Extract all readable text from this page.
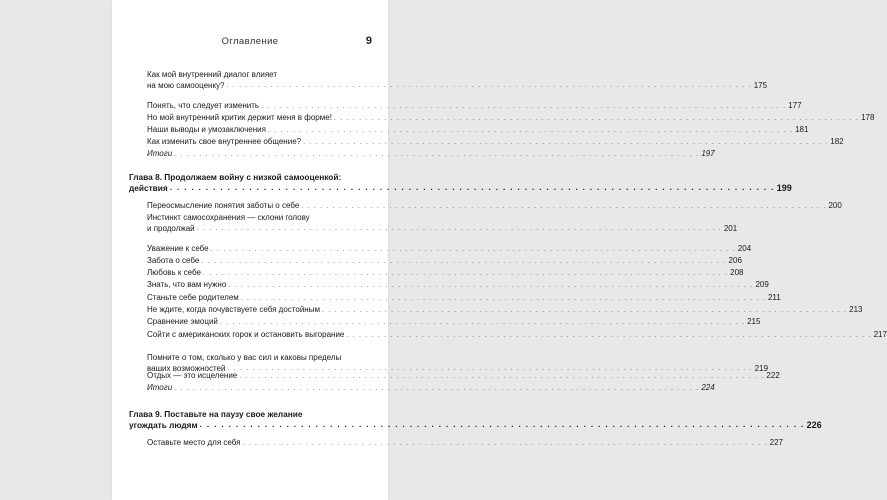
Оглавление	9
Как мой внутренний диалог влияет
на мою самооценку? . . . . . . . . . . . . . . . . . . . . . . . . . . . . . . . . . . . . . . . . . . . . . . . . . . . . . . . . . . . . . . . . . . . . . . . . . . . . . . . . . . . . 175
Понять, что следует изменить . . . . . . . . . . . . . . . . . . . . . . . . . . . . . . . . . . . . . . . . . . . . . . . . . . . . . . . . . . . . . . . . . . . . . . . . . . . . . . . . . . . . 177
Но мой внутренний критик держит меня в форме! . . . . . . . . . . . . . . . . . . . . . . . . . . . . . . . . . . . . . . . . . . . . . . . . . . . . . . . . . . . . . . . . . . . . . . . . . . . . . . . . . . . . 178
Наши выводы и умозаключения . . . . . . . . . . . . . . . . . . . . . . . . . . . . . . . . . . . . . . . . . . . . . . . . . . . . . . . . . . . . . . . . . . . . . . . . . . . . . . . . . . . . 181
Как изменить свое внутреннее общение? . . . . . . . . . . . . . . . . . . . . . . . . . . . . . . . . . . . . . . . . . . . . . . . . . . . . . . . . . . . . . . . . . . . . . . . . . . . . . . . . . . . . 182
Итоги . . . . . . . . . . . . . . . . . . . . . . . . . . . . . . . . . . . . . . . . . . . . . . . . . . . . . . . . . . . . . . . . . . . . . . . . . . . . . . . . . . . . 197
Глава 8. Продолжаем войну с низкой самооценкой:
действия . . . . . . . . . . . . . . . . . . . . . . . . . . . . . . . . . . . . . . . . . . . . . . . . . . . . . . . . . . . . . . . . . . . . . . . . . . . . . . . . . . . . 199
Переосмысление понятия заботы о себе . . . . . . . . . . . . . . . . . . . . . . . . . . . . . . . . . . . . . . . . . . . . . . . . . . . . . . . . . . . . . . . . . . . . . . . . . . . . . . . . . . . . 200
Инстинкт самосохранения — склони голову
и продолжай . . . . . . . . . . . . . . . . . . . . . . . . . . . . . . . . . . . . . . . . . . . . . . . . . . . . . . . . . . . . . . . . . . . . . . . . . . . . . . . . . . . . 201
Уважение к себе . . . . . . . . . . . . . . . . . . . . . . . . . . . . . . . . . . . . . . . . . . . . . . . . . . . . . . . . . . . . . . . . . . . . . . . . . . . . . . . . . . . . 204
Забота о себе . . . . . . . . . . . . . . . . . . . . . . . . . . . . . . . . . . . . . . . . . . . . . . . . . . . . . . . . . . . . . . . . . . . . . . . . . . . . . . . . . . . . 206
Любовь к себе . . . . . . . . . . . . . . . . . . . . . . . . . . . . . . . . . . . . . . . . . . . . . . . . . . . . . . . . . . . . . . . . . . . . . . . . . . . . . . . . . . . . 208
Знать, что вам нужно . . . . . . . . . . . . . . . . . . . . . . . . . . . . . . . . . . . . . . . . . . . . . . . . . . . . . . . . . . . . . . . . . . . . . . . . . . . . . . . . . . . . 209
Станьте себе родителем . . . . . . . . . . . . . . . . . . . . . . . . . . . . . . . . . . . . . . . . . . . . . . . . . . . . . . . . . . . . . . . . . . . . . . . . . . . . . . . . . . . . 211
Не ждите, когда почувствуете себя достойным . . . . . . . . . . . . . . . . . . . . . . . . . . . . . . . . . . . . . . . . . . . . . . . . . . . . . . . . . . . . . . . . . . . . . . . . . . . . . . . . . . . . 213
Сравнение эмоций . . . . . . . . . . . . . . . . . . . . . . . . . . . . . . . . . . . . . . . . . . . . . . . . . . . . . . . . . . . . . . . . . . . . . . . . . . . . . . . . . . . . 215
Сойти с американских горок и остановить выгорание . . . . . . . . . . . . . . . . . . . . . . . . . . . . . . . . . . . . . . . . . . . . . . . . . . . . . . . . . . . . . . . . . . . . . . . . . . . . . . . . . . . . 217
Помните о том, сколько у вас сил и каковы пределы
ваших возможностей . . . . . . . . . . . . . . . . . . . . . . . . . . . . . . . . . . . . . . . . . . . . . . . . . . . . . . . . . . . . . . . . . . . . . . . . . . . . . . . . . . . . 219
Отдых — это исцеление . . . . . . . . . . . . . . . . . . . . . . . . . . . . . . . . . . . . . . . . . . . . . . . . . . . . . . . . . . . . . . . . . . . . . . . . . . . . . . . . . . . . 222
Итоги . . . . . . . . . . . . . . . . . . . . . . . . . . . . . . . . . . . . . . . . . . . . . . . . . . . . . . . . . . . . . . . . . . . . . . . . . . . . . . . . . . . . 224
Глава 9. Поставьте на паузу свое желание
угождать людям . . . . . . . . . . . . . . . . . . . . . . . . . . . . . . . . . . . . . . . . . . . . . . . . . . . . . . . . . . . . . . . . . . . . . . . . . . . . . . . . . . . . 226
Оставьте место для себя . . . . . . . . . . . . . . . . . . . . . . . . . . . . . . . . . . . . . . . . . . . . . . . . . . . . . . . . . . . . . . . . . . . . . . . . . . . . . . . . . . . . 227
